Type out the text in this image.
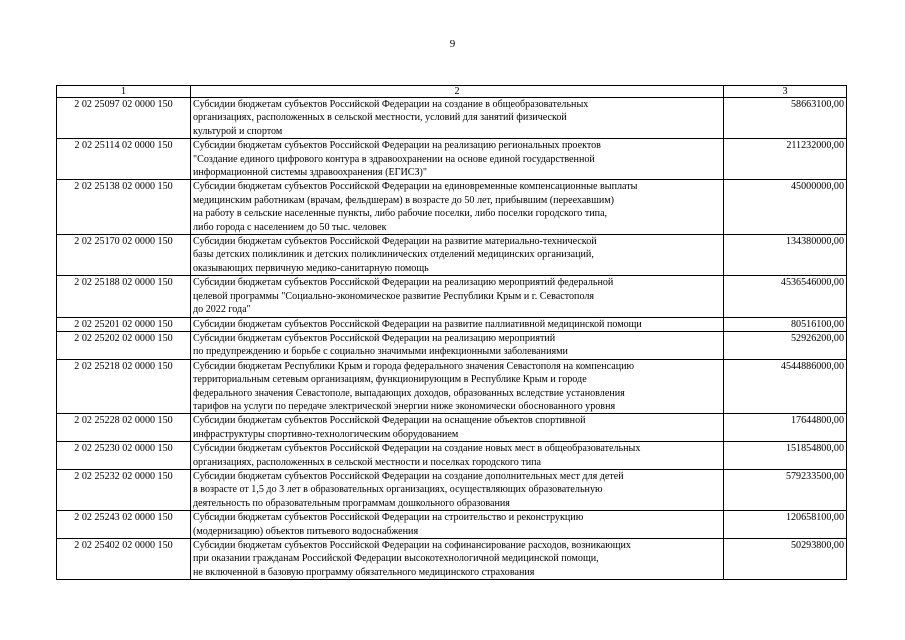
9
1	2	3
2 02 25097 02 0000 150	Субсидии бюджетам субъектов Российской Федерации на создание в общеобразовательных
организациях, расположенных в сельской местности, условий для занятий физической
культурой и спортом	58663100,00
2 02 25114 02 0000 150	Субсидии бюджетам субъектов Российской Федерации на реализацию региональных проектов
"Создание единого цифрового контура в здравоохранении на основе единой государственной
информационной системы здравоохранения (ЕГИСЗ)"	211232000,00
2 02 25138 02 0000 150	Субсидии бюджетам субъектов Российской Федерации на единовременные компенсационные выплаты
медицинским работникам (врачам, фельдшерам) в возрасте до 50 лет, прибывшим (переехавшим)
на работу в сельские населенные пункты, либо рабочие поселки, либо поселки городского типа,
либо города с населением до 50 тыс. человек	45000000,00
2 02 25170 02 0000 150	Субсидии бюджетам субъектов Российской Федерации на развитие материально-технической
базы детских поликлиник и детских поликлинических отделений медицинских организаций,
оказывающих первичную медико-санитарную помощь	134380000,00
2 02 25188 02 0000 150	Субсидии бюджетам субъектов Российской Федерации на реализацию мероприятий федеральной
целевой программы "Социально-экономическое развитие Республики Крым и г. Севастополя
до 2022 года"	4536546000,00
2 02 25201 02 0000 150	Субсидии бюджетам субъектов Российской Федерации на развитие паллиативной медицинской помощи	80516100,00
2 02 25202 02 0000 150	Субсидии бюджетам субъектов Российской Федерации на реализацию мероприятий
по предупреждению и борьбе с социально значимыми инфекционными заболеваниями	52926200,00
2 02 25218 02 0000 150	Субсидии бюджетам Республики Крым и города федерального значения Севастополя на компенсацию
территориальным сетевым организациям, функционирующим в Республике Крым и городе
федерального значения Севастополе, выпадающих доходов, образованных вследствие установления
тарифов на услуги по передаче электрической энергии ниже экономически обоснованного уровня	4544886000,00
2 02 25228 02 0000 150	Субсидии бюджетам субъектов Российской Федерации на оснащение объектов спортивной
инфраструктуры спортивно-технологическим оборудованием	17644800,00
2 02 25230 02 0000 150	Субсидии бюджетам субъектов Российской Федерации на создание новых мест в общеобразовательных
организациях, расположенных в сельской местности и поселках городского типа	151854800,00
2 02 25232 02 0000 150	Субсидии бюджетам субъектов Российской Федерации на создание дополнительных мест для детей
в возрасте от 1,5 до 3 лет в образовательных организациях, осуществляющих образовательную
деятельность по образовательным программам дошкольного образования	579233500,00
2 02 25243 02 0000 150	Субсидии бюджетам субъектов Российской Федерации на строительство и реконструкцию
(модернизацию) объектов питьевого водоснабжения	120658100,00
2 02 25402 02 0000 150	Субсидии бюджетам субъектов Российской Федерации на софинансирование расходов, возникающих
при оказании гражданам Российской Федерации высокотехнологичной медицинской помощи,
не включенной в базовую программу обязательного медицинского страхования	50293800,00
